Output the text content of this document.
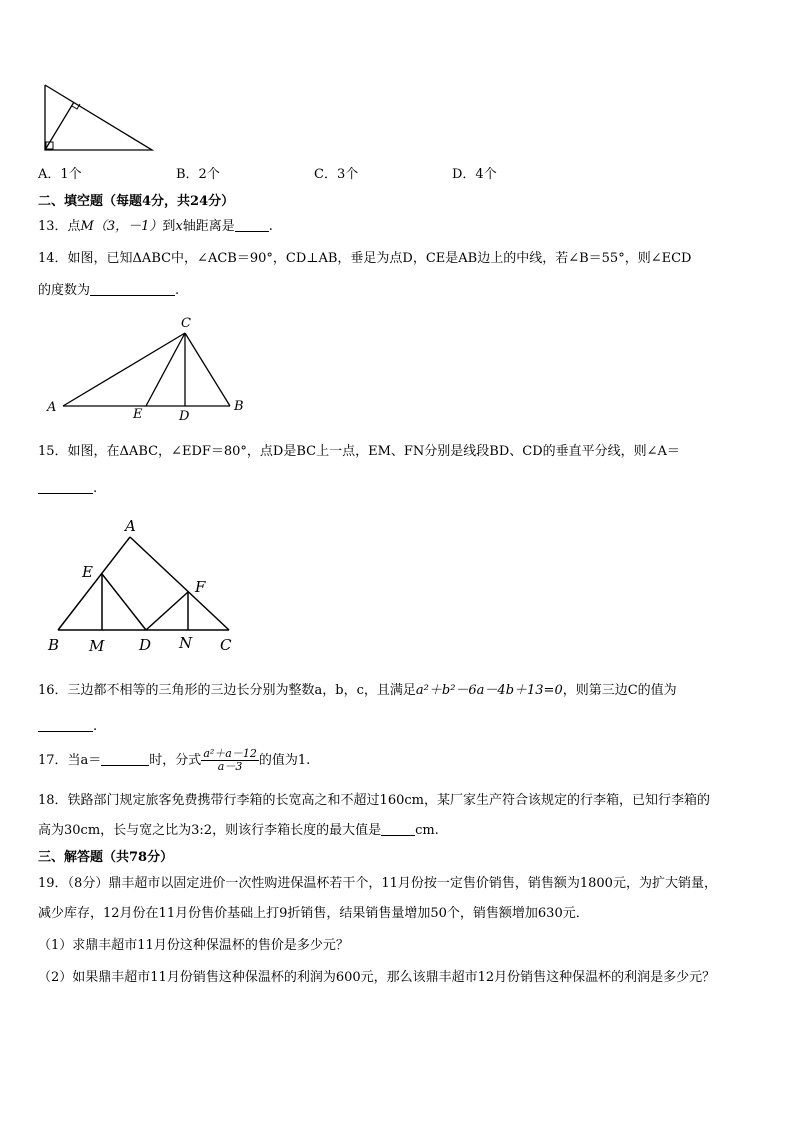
A．1个	B．2个	C．3个	D．4个
二、填空题（每题4分，共24分）
13．点M（3，－1）到x轴距离是	.
14．如图，已知ΔABC中，∠ACB＝90°，CD⊥AB，垂足为点D，CE是AB边上的中线，若∠B＝55°，则∠ECD
的度数为	.
C
A	E	D
B
15．如图，在ΔABC，∠EDF＝80°，点D是BC上一点，EM、FN分别是线段BD、CD的垂直平分线，则∠A＝
.
A
E
F
B M D N C
16．三边都不相等的三角形的三边长分别为整数a，b，c，且满足a²＋b²－6a－4b＋13=0，则第三边C的值为
.
17．当a＝	时，分式 $\frac{\text{a²＋a－12}}{a-3}$ 的值为1.
18．铁路部门规定旅客免费携带行李箱的长宽高之和不超过160cm，某厂家生产符合该规定的行李箱，已知行李箱的
高为30cm，长与宽之比为3:2，则该行李箱长度的最大值是	cm.
三、解答题（共78分）
19．（8分）鼎丰超市以固定进价一次性购进保温杯若干个，11月份按一定售价销售，销售额为1800元，为扩大销量，
减少库存，12月份在11月份售价基础上打9折销售，结果销售量增加50个，销售额增加630元．
（1）求鼎丰超市11月份这种保温杯的售价是多少元？
（2）如果鼎丰超市11月份销售这种保温杯的利润为600元，那么该鼎丰超市12月份销售这种保温杯的利润是多少元？
